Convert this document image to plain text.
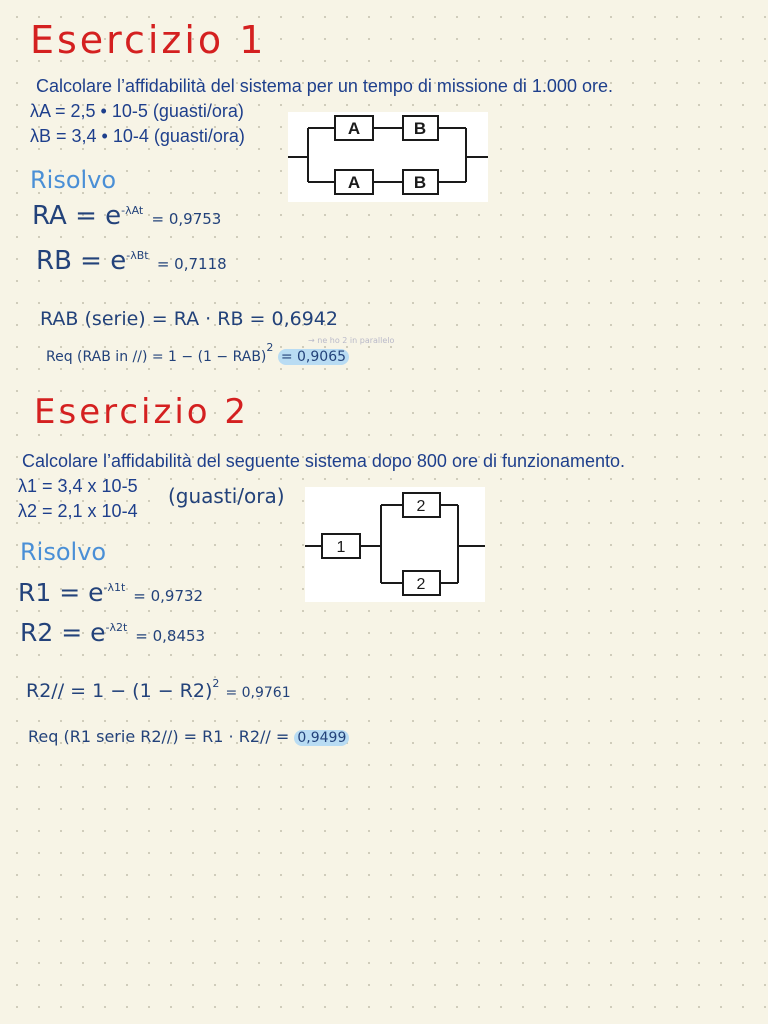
Esercizio 1
Calcolare l’affidabilità del sistema per un tempo di missione di 1.000 ore.
λA = 2,5 • 10-5 (guasti/ora)
λB = 3,4 • 10-4 (guasti/ora)	A	B
A	B
Risolvo
RA = $e^{-\lambda At} = 0,9753$
RB = $e^{-\lambda Bt} = 0,7118$
RAB (serie) = RA · RB = 0,6942
Req (RAB in //) = 1 − (1 − RAB)$^2$ = 0,9065
→ ne ho 2 in parallelo
Esercizio 2
Calcolare l’affidabilità del seguente sistema dopo 800 ore di funzionamento.
λ1 = 3,4 x 10-5
λ2 = 2,1 x 10-4
(guasti/ora)
1
2
2
Risolvo
$R1 = e^{-\lambda 1t} = 0,9732$
$R2 = e^{-\lambda 2t} = 0,8453$
$R2// = 1 - (1 - R2)^2 = 0,9761$
Req (R1 serie R2//) = R1 · R2// = 0,9499
